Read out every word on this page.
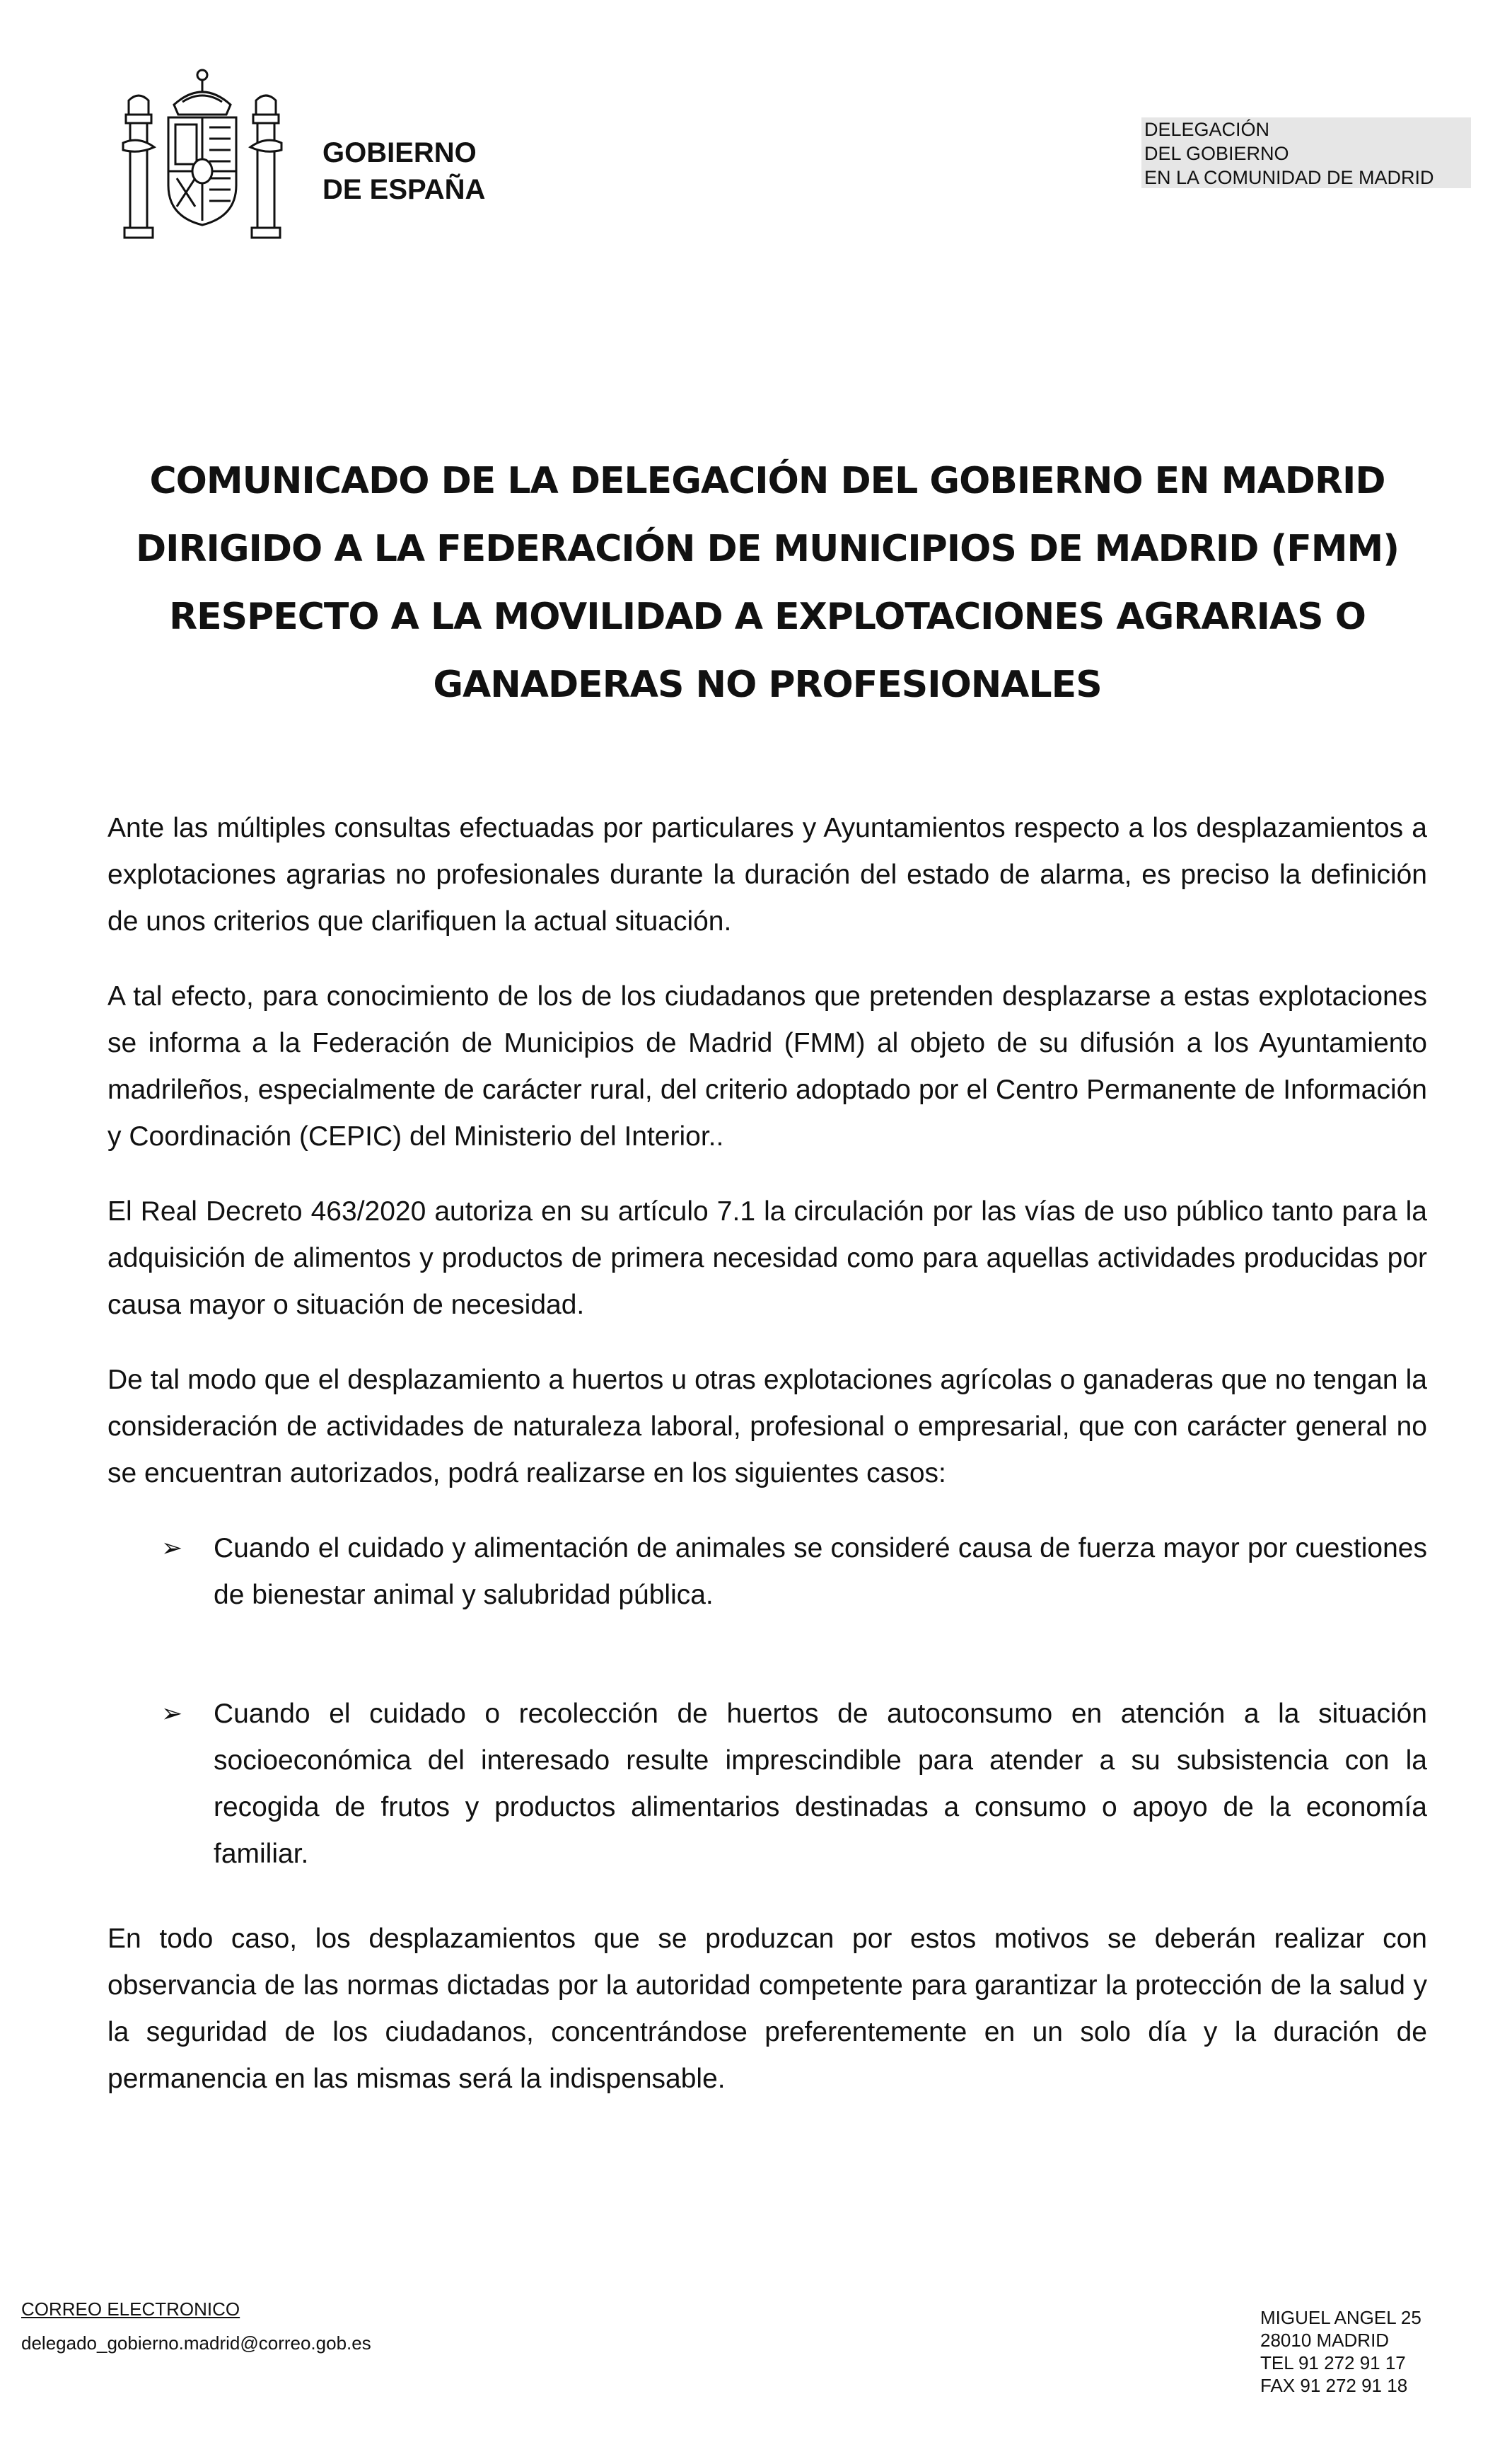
GOBIERNO
DE ESPAÑA
DELEGACIÓN
DEL GOBIERNO
EN LA COMUNIDAD DE MADRID
COMUNICADO DE LA DELEGACIÓN DEL GOBIERNO EN MADRID
DIRIGIDO A LA FEDERACIÓN DE MUNICIPIOS DE MADRID (FMM)
RESPECTO A LA MOVILIDAD A EXPLOTACIONES AGRARIAS O
GANADERAS NO PROFESIONALES

Ante las múltiples consultas efectuadas por particulares y Ayuntamientos respecto a los desplazamientos a explotaciones agrarias no profesionales durante la duración del estado de alarma, es preciso la definición de unos criterios que clarifiquen la actual situación.

A tal efecto, para conocimiento de los de los ciudadanos que pretenden desplazarse a estas explotaciones se informa a la Federación de Municipios de Madrid (FMM) al objeto de su difusión a los Ayuntamiento madrileños, especialmente de carácter rural, del criterio adoptado por el Centro Permanente de Información y Coordinación (CEPIC) del Ministerio del Interior..

El Real Decreto 463/2020 autoriza en su artículo 7.1 la circulación por las vías de uso público tanto para la adquisición de alimentos y productos de primera necesidad como para aquellas actividades producidas por causa mayor o situación de necesidad.

De tal modo que el desplazamiento a huertos u otras explotaciones agrícolas o ganaderas que no tengan la consideración de actividades de naturaleza laboral, profesional o empresarial, que con carácter general no se encuentran autorizados, podrá realizarse en los siguientes casos:

➢ Cuando el cuidado y alimentación de animales se consideré causa de fuerza mayor por cuestiones de bienestar animal y salubridad pública.
➢ Cuando el cuidado o recolección de huertos de autoconsumo en atención a la situación socioeconómica del interesado resulte imprescindible para atender a su subsistencia con la recogida de frutos y productos alimentarios destinadas a consumo o apoyo de la economía familiar.

En todo caso, los desplazamientos que se produzcan por estos motivos se deberán realizar con observancia de las normas dictadas por la autoridad competente para garantizar la protección de la salud y la seguridad de los ciudadanos, concentrándose preferentemente en un solo día y la duración de permanencia en las mismas será la indispensable.

CORREO ELECTRONICO
delegado_gobierno.madrid@correo.gob.es
MIGUEL ANGEL 25
28010 MADRID
TEL 91 272 91 17
FAX 91 272 91 18
